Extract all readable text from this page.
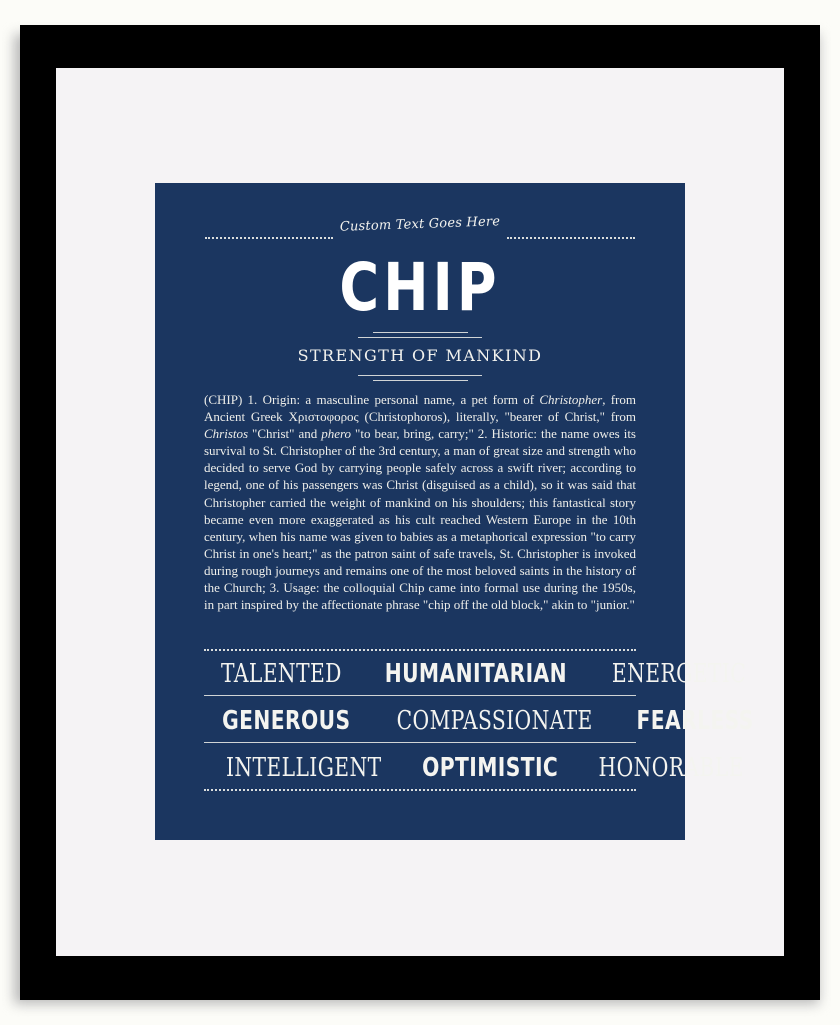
Custom Text Goes Here
CHIP
STRENGTH OF MANKIND
(CHIP) 1. Origin: a masculine personal name, a pet form of Christopher, from Ancient Greek Χριστοφορος (Christophoros), literally, "bearer of Christ," from Christos "Christ" and phero "to bear, bring, carry;" 2. Historic: the name owes its survival to St. Christopher of the 3rd century, a man of great size and strength who decided to serve God by carrying people safely across a swift river; according to legend, one of his passengers was Christ (disguised as a child), so it was said that Christopher carried the weight of mankind on his shoulders; this fantastical story became even more exaggerated as his cult reached Western Europe in the 10th century, when his name was given to babies as a metaphorical expression "to carry Christ in one's heart;" as the patron saint of safe travels, St. Christopher is invoked during rough journeys and remains one of the most beloved saints in the history of the Church; 3. Usage: the colloquial Chip came into formal use during the 1950s, in part inspired by the affectionate phrase "chip off the old block," akin to "junior."
TALENTED HUMANITARIAN ENERGETIC
GENEROUS COMPASSIONATE FEARLESS
INTELLIGENT OPTIMISTIC HONORABLE
